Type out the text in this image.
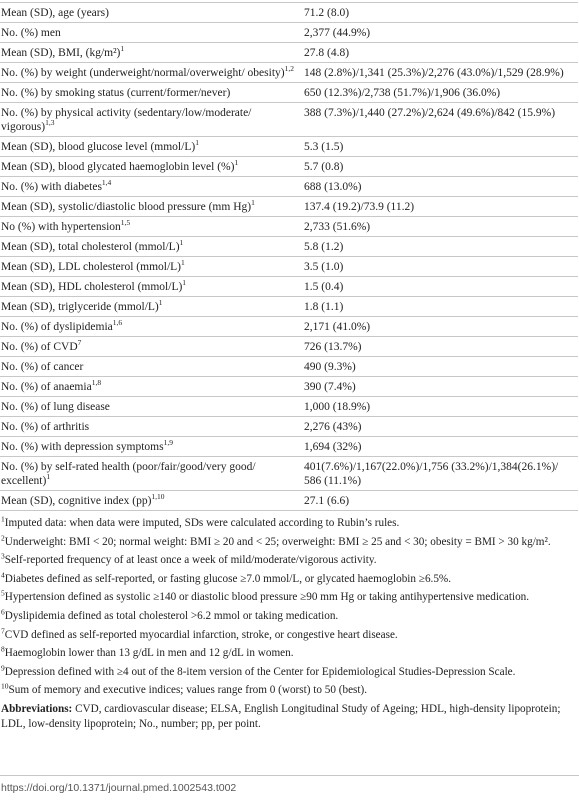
Mean (SD), age (years)	71.2 (8.0)
No. (%) men	2,377 (44.9%)
Mean (SD), BMI, $(kg/m^2)^1$	27.8 (4.8)
No. (%) by weight (underweight/normal/overweight/ obesity)$^{1,2}$	148 (2.8%)/1,341 (25.3%)/2,276 (43.0%)/1,529 (28.9%)
No. (%) by smoking status (current/former/never)	650 (12.3%)/2,738 (51.7%)/1,906 (36.0%)
No. (%) by physical activity (sedentary/low/moderate/ vigorous)$^{1,3}$	388 (7.3%)/1,440 (27.2%)/2,624 (49.6%)/842 (15.9%)
Mean (SD), blood glucose level (mmol/L)$^1$	5.3 (1.5)
Mean (SD), blood glycated haemoglobin level (%)$^1$	5.7 (0.8)
No. (%) with diabetes$^{1,4}$	688 (13.0%)
Mean (SD), systolic/diastolic blood pressure (mm Hg)$^1$	137.4 (19.2)/73.9 (11.2)
No (%) with hypertension$^{1,5}$	2,733 (51.6%)
Mean (SD), total cholesterol (mmol/L)$^1$	5.8 (1.2)
Mean (SD), LDL cholesterol (mmol/L)$^1$	3.5 (1.0)
Mean (SD), HDL cholesterol (mmol/L)$^1$	1.5 (0.4)
Mean (SD), triglyceride (mmol/L)$^1$	1.8 (1.1)
No. (%) of dyslipidemia$^{1,6}$	2,171 (41.0%)
No. (%) of CVD$^7$	726 (13.7%)
No. (%) of cancer	490 (9.3%)
No. (%) of anaemia$^{1,8}$	390 (7.4%)
No. (%) of lung disease	1,000 (18.9%)
No. (%) of arthritis	2,276 (43%)
No. (%) with depression symptoms$^{1,9}$	1,694 (32%)
No. (%) by self-rated health (poor/fair/good/very good/ excellent)$^1$	401(7.6%)/1,167(22.0%)/1,756 (33.2%)/1,384(26.1%)/ 586 (11.1%)
Mean (SD), cognitive index (pp)$^{1,10}$	27.1 (6.6)

$^1$Imputed data: when data were imputed, SDs were calculated according to Rubin’s rules.

$^2$Underweight: BMI < 20; normal weight: BMI ≥ 20 and < 25; overweight: BMI ≥ 25 and < 30; obesity = BMI > 30 kg/m².

$^3$Self-reported frequency of at least once a week of mild/moderate/vigorous activity.

$^4$Diabetes defined as self-reported, or fasting glucose ≥7.0 mmol/L, or glycated haemoglobin ≥6.5%.

$^5$Hypertension defined as systolic ≥140 or diastolic blood pressure ≥90 mm Hg or taking antihypertensive medication.

$^6$Dyslipidemia defined as total cholesterol >6.2 mmol or taking medication.

$^7$CVD defined as self-reported myocardial infarction, stroke, or congestive heart disease.

$^8$Haemoglobin lower than 13 g/dL in men and 12 g/dL in women.

$^9$Depression defined with ≥4 out of the 8-item version of the Center for Epidemiological Studies-Depression Scale.

$^{10}$Sum of memory and executive indices; values range from 0 (worst) to 50 (best).

Abbreviations: CVD, cardiovascular disease; ELSA, English Longitudinal Study of Ageing; HDL, high-density lipoprotein; LDL, low-density lipoprotein; No., number; pp, per point.

https://doi.org/10.1371/journal.pmed.1002543.t002
